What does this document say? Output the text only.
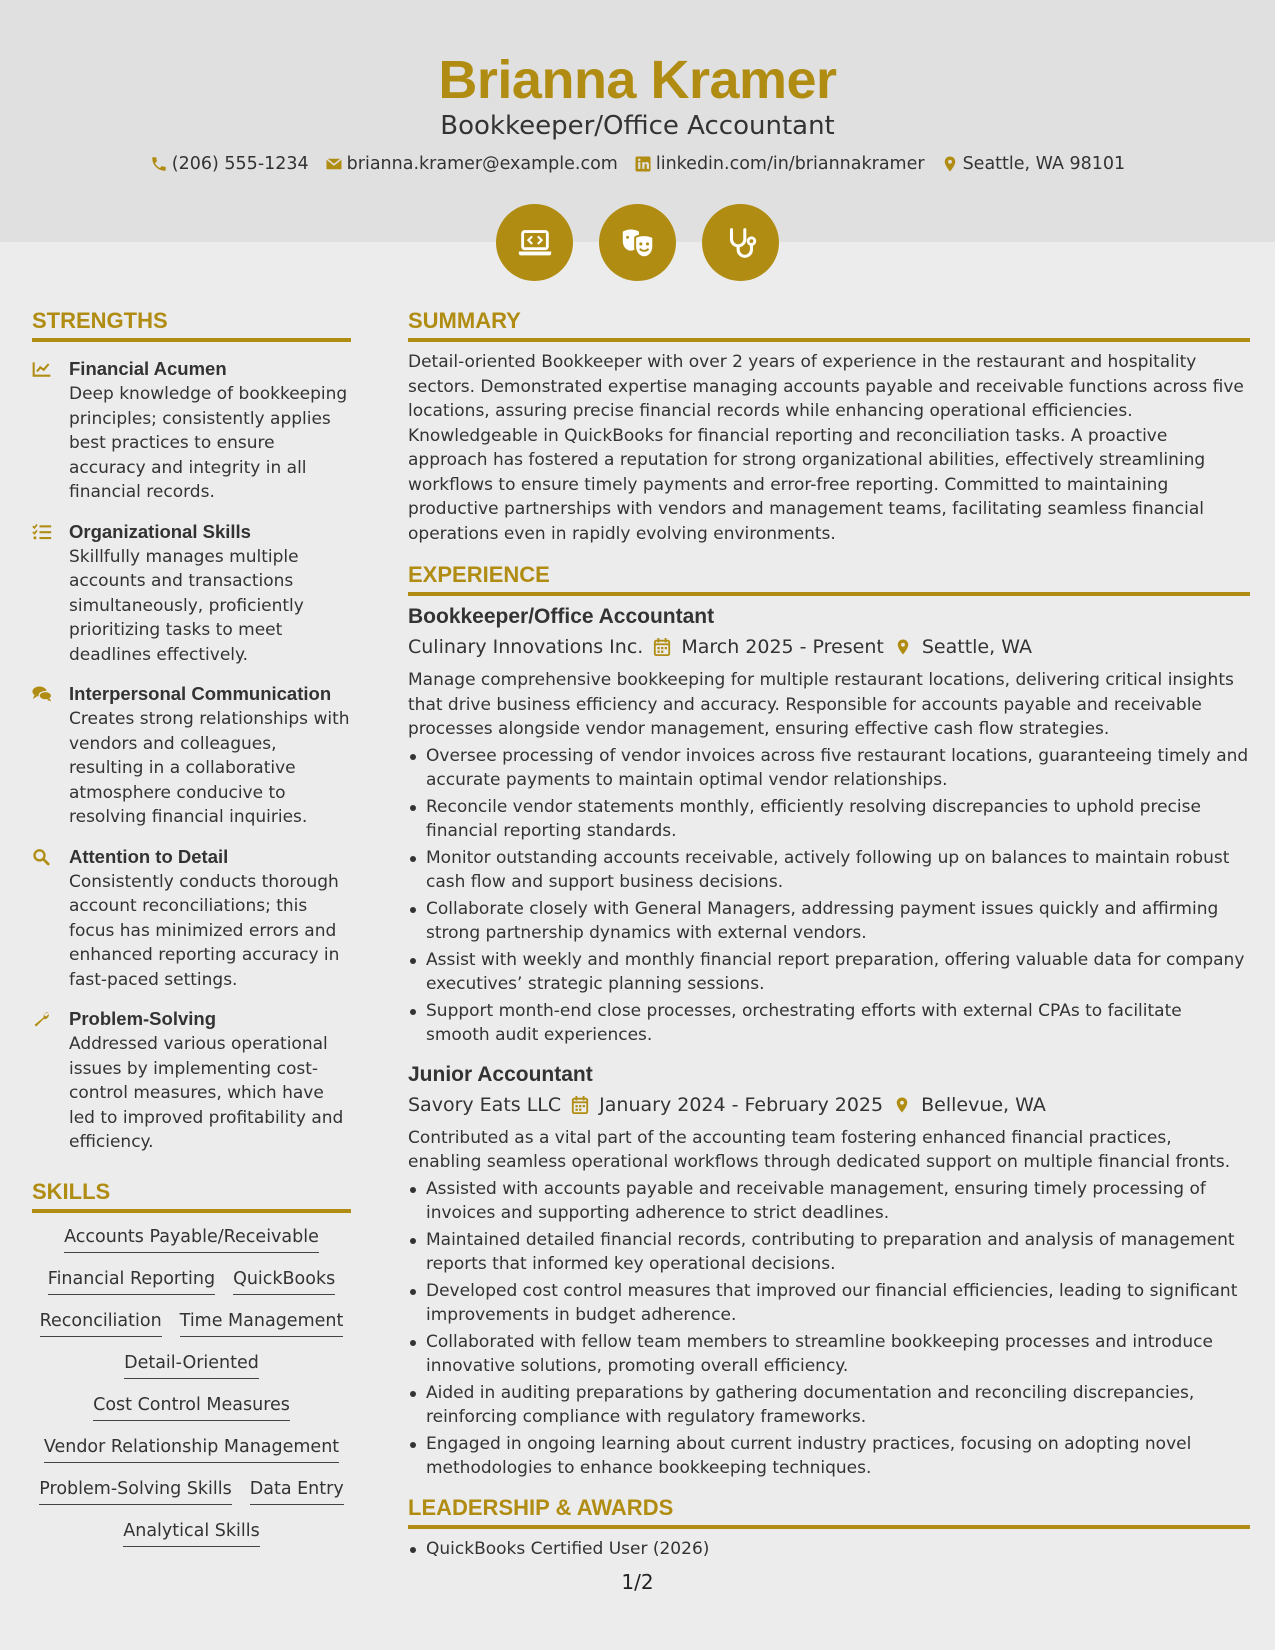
Brianna Kramer
Bookkeeper/Office Accountant
(206) 555-1234 brianna.kramer@example.com linkedin.com/in/briannakramer Seattle, WA 98101
STRENGTHS
Financial Acumen
Deep knowledge of bookkeeping principles; consistently applies best practices to ensure accuracy and integrity in all financial records.
Organizational Skills
Skillfully manages multiple accounts and transactions simultaneously, proficiently prioritizing tasks to meet deadlines effectively.
Interpersonal Communication
Creates strong relationships with vendors and colleagues, resulting in a collaborative atmosphere conducive to resolving financial inquiries.
Attention to Detail
Consistently conducts thorough account reconciliations; this focus has minimized errors and enhanced reporting accuracy in fast-paced settings.
Problem-Solving
Addressed various operational issues by implementing cost-control measures, which have led to improved profitability and efficiency.
SKILLS
Accounts Payable/Receivable
Financial Reporting QuickBooks
Reconciliation Time Management
Detail-Oriented
Cost Control Measures
Vendor Relationship Management
Problem-Solving Skills Data Entry
Analytical Skills
SUMMARY
Detail-oriented Bookkeeper with over 2 years of experience in the restaurant and hospitality sectors. Demonstrated expertise managing accounts payable and receivable functions across five locations, assuring precise financial records while enhancing operational efficiencies. Knowledgeable in QuickBooks for financial reporting and reconciliation tasks. A proactive approach has fostered a reputation for strong organizational abilities, effectively streamlining workflows to ensure timely payments and error-free reporting. Committed to maintaining productive partnerships with vendors and management teams, facilitating seamless financial operations even in rapidly evolving environments.
EXPERIENCE
Bookkeeper/Office Accountant
Culinary Innovations Inc. March 2025 - Present Seattle, WA
Manage comprehensive bookkeeping for multiple restaurant locations, delivering critical insights that drive business efficiency and accuracy. Responsible for accounts payable and receivable processes alongside vendor management, ensuring effective cash flow strategies.
Oversee processing of vendor invoices across five restaurant locations, guaranteeing timely and accurate payments to maintain optimal vendor relationships.
Reconcile vendor statements monthly, efficiently resolving discrepancies to uphold precise financial reporting standards.
Monitor outstanding accounts receivable, actively following up on balances to maintain robust cash flow and support business decisions.
Collaborate closely with General Managers, addressing payment issues quickly and affirming strong partnership dynamics with external vendors.
Assist with weekly and monthly financial report preparation, offering valuable data for company executives’ strategic planning sessions.
Support month-end close processes, orchestrating efforts with external CPAs to facilitate smooth audit experiences.
Junior Accountant
Savory Eats LLC January 2024 - February 2025 Bellevue, WA
Contributed as a vital part of the accounting team fostering enhanced financial practices, enabling seamless operational workflows through dedicated support on multiple financial fronts.
Assisted with accounts payable and receivable management, ensuring timely processing of invoices and supporting adherence to strict deadlines.
Maintained detailed financial records, contributing to preparation and analysis of management reports that informed key operational decisions.
Developed cost control measures that improved our financial efficiencies, leading to significant improvements in budget adherence.
Collaborated with fellow team members to streamline bookkeeping processes and introduce innovative solutions, promoting overall efficiency.
Aided in auditing preparations by gathering documentation and reconciling discrepancies, reinforcing compliance with regulatory frameworks.
Engaged in ongoing learning about current industry practices, focusing on adopting novel methodologies to enhance bookkeeping techniques.
LEADERSHIP & AWARDS
QuickBooks Certified User (2026)
1/2
